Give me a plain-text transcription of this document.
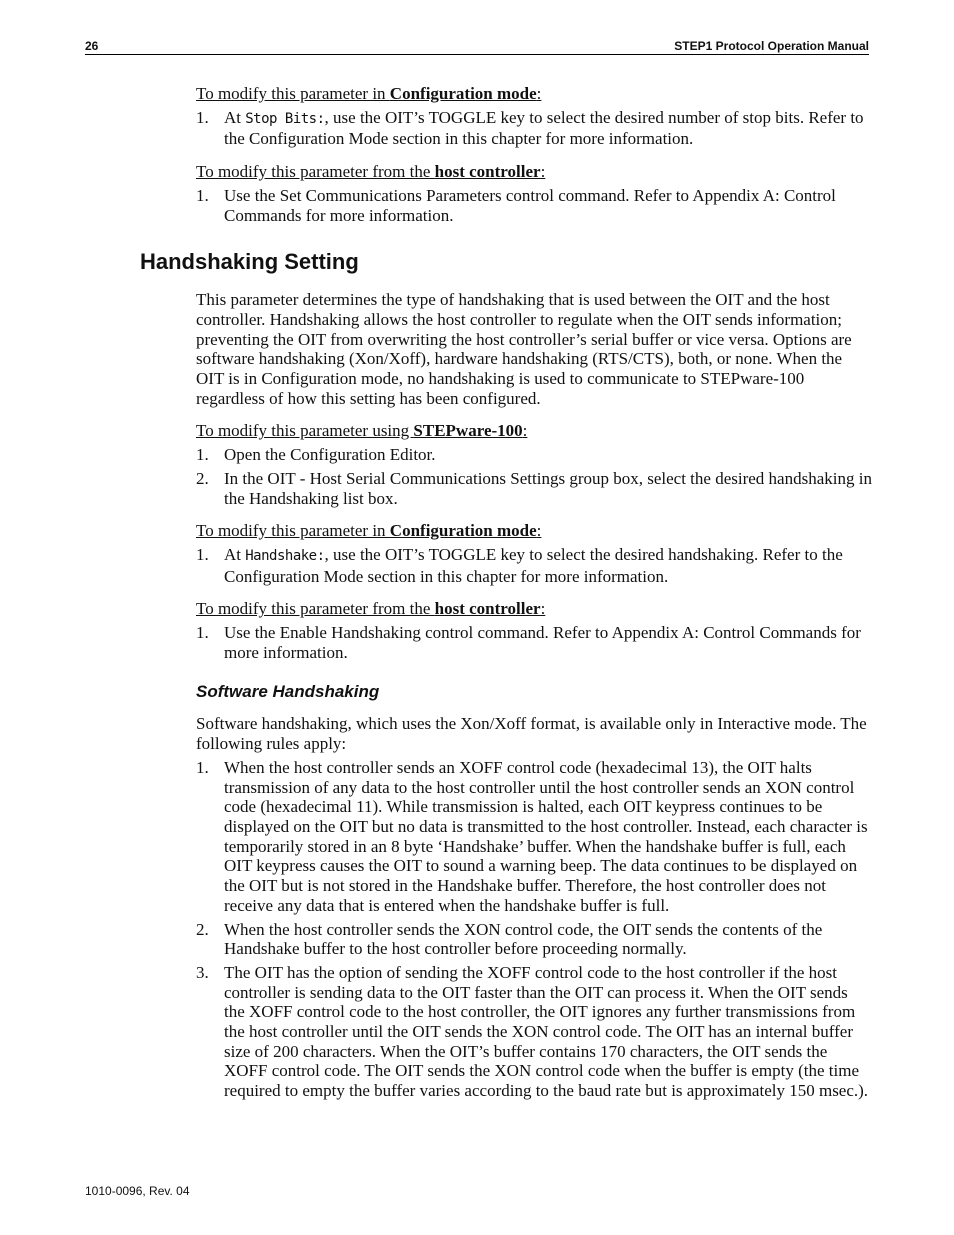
26	STEP1 Protocol Operation Manual
To modify this parameter in Configuration mode:
1. At Stop Bits:, use the OIT’s TOGGLE key to select the desired number of stop bits. Refer to the Configuration Mode section in this chapter for more information.
To modify this parameter from the host controller:
1. Use the Set Communications Parameters control command. Refer to Appendix A: Control Commands for more information.
Handshaking Setting

This parameter determines the type of handshaking that is used between the OIT and the host controller. Handshaking allows the host controller to regulate when the OIT sends information; preventing the OIT from overwriting the host controller’s serial buffer or vice versa. Options are software handshaking (Xon/Xoff), hardware handshaking (RTS/CTS), both, or none. When the OIT is in Configuration mode, no handshaking is used to communicate to STEPware-100 regardless of how this setting has been configured.

To modify this parameter using STEPware-100:
1. Open the Configuration Editor.
2. In the OIT - Host Serial Communications Settings group box, select the desired handshaking in the Handshaking list box.
To modify this parameter in Configuration mode:
1. At Handshake:, use the OIT’s TOGGLE key to select the desired handshaking. Refer to the Configuration Mode section in this chapter for more information.
To modify this parameter from the host controller:
1. Use the Enable Handshaking control command. Refer to Appendix A: Control Commands for more information.
Software Handshaking

Software handshaking, which uses the Xon/Xoff format, is available only in Interactive mode. The following rules apply:

1. When the host controller sends an XOFF control code (hexadecimal 13), the OIT halts transmission of any data to the host controller until the host controller sends an XON control code (hexadecimal 11). While transmission is halted, each OIT keypress continues to be displayed on the OIT but no data is transmitted to the host controller. Instead, each character is temporarily stored in an 8 byte ‘Handshake’ buffer. When the handshake buffer is full, each OIT keypress causes the OIT to sound a warning beep. The data continues to be displayed on the OIT but is not stored in the Handshake buffer. Therefore, the host controller does not receive any data that is entered when the handshake buffer is full.
2. When the host controller sends the XON control code, the OIT sends the contents of the Handshake buffer to the host controller before proceeding normally.
3. The OIT has the option of sending the XOFF control code to the host controller if the host controller is sending data to the OIT faster than the OIT can process it. When the OIT sends the XOFF control code to the host controller, the OIT ignores any further transmissions from the host controller until the OIT sends the XON control code. The OIT has an internal buffer size of 200 characters. When the OIT’s buffer contains 170 characters, the OIT sends the XOFF control code. The OIT sends the XON control code when the buffer is empty (the time required to empty the buffer varies according to the baud rate but is approximately 150 msec.).
1010-0096, Rev. 04
